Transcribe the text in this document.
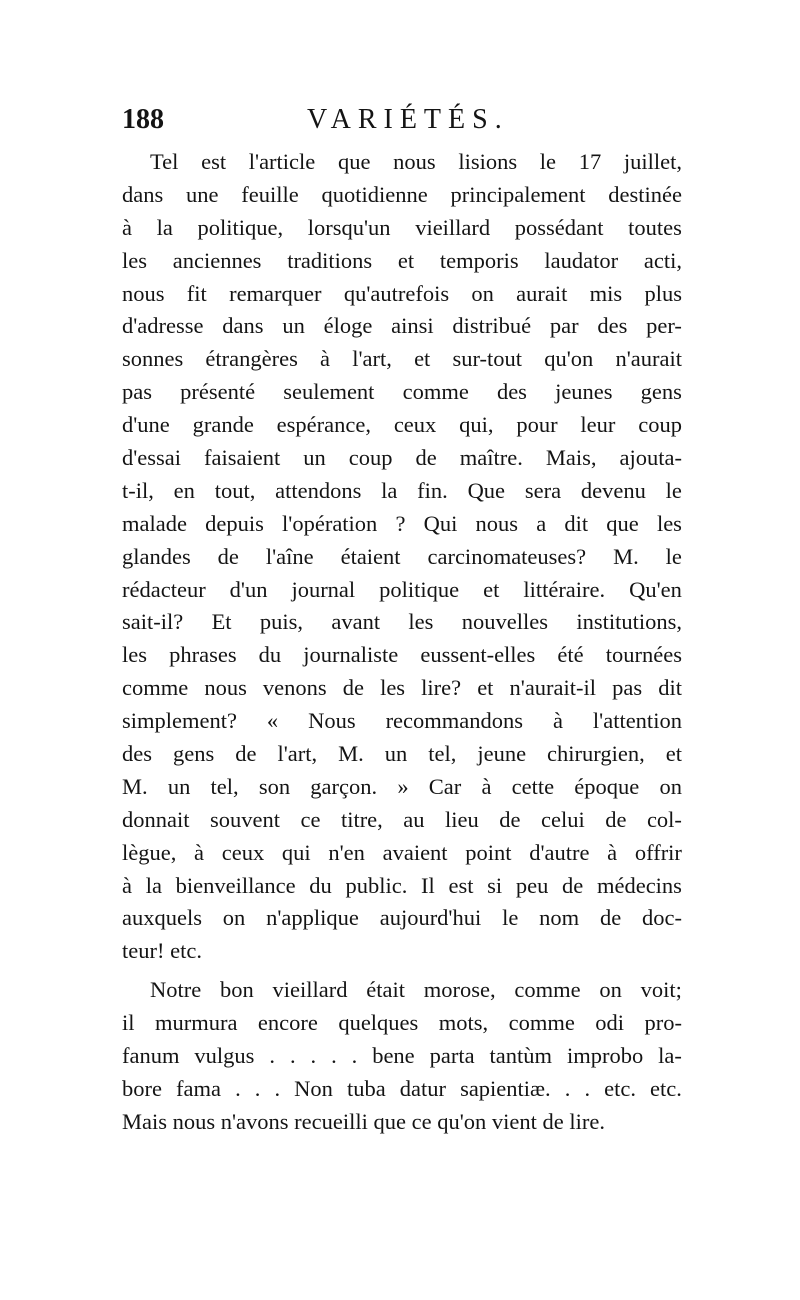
188	VARIÉTÉS.
Tel est l'article que nous lisions le 17 juillet,
dans une feuille quotidienne principalement destinée
à la politique, lorsqu'un vieillard possédant toutes
les anciennes traditions et temporis laudator acti,
nous fit remarquer qu'autrefois on aurait mis plus
d'adresse dans un éloge ainsi distribué par des per-
sonnes étrangères à l'art, et sur-tout qu'on n'aurait
pas présenté seulement comme des jeunes gens
d'une grande espérance, ceux qui, pour leur coup
d'essai faisaient un coup de maître. Mais, ajouta-
t-il, en tout, attendons la fin. Que sera devenu le
malade depuis l'opération ? Qui nous a dit que les
glandes de l'aîne étaient carcinomateuses? M. le
rédacteur d'un journal politique et littéraire. Qu'en
sait-il? Et puis, avant les nouvelles institutions,
les phrases du journaliste eussent-elles été tournées
comme nous venons de les lire? et n'aurait-il pas dit
simplement? « Nous recommandons à l'attention
des gens de l'art, M. un tel, jeune chirurgien, et
M. un tel, son garçon. » Car à cette époque on
donnait souvent ce titre, au lieu de celui de col-
lègue, à ceux qui n'en avaient point d'autre à offrir
à la bienveillance du public. Il est si peu de médecins
auxquels on n'applique aujourd'hui le nom de doc-
teur! etc.
Notre bon vieillard était morose, comme on voit;
il murmura encore quelques mots, comme odi pro-
fanum vulgus . . . . . bene parta tantùm improbo la-
bore fama . . . Non tuba datur sapientiæ. . . etc. etc.
Mais nous n'avons recueilli que ce qu'on vient de lire.
